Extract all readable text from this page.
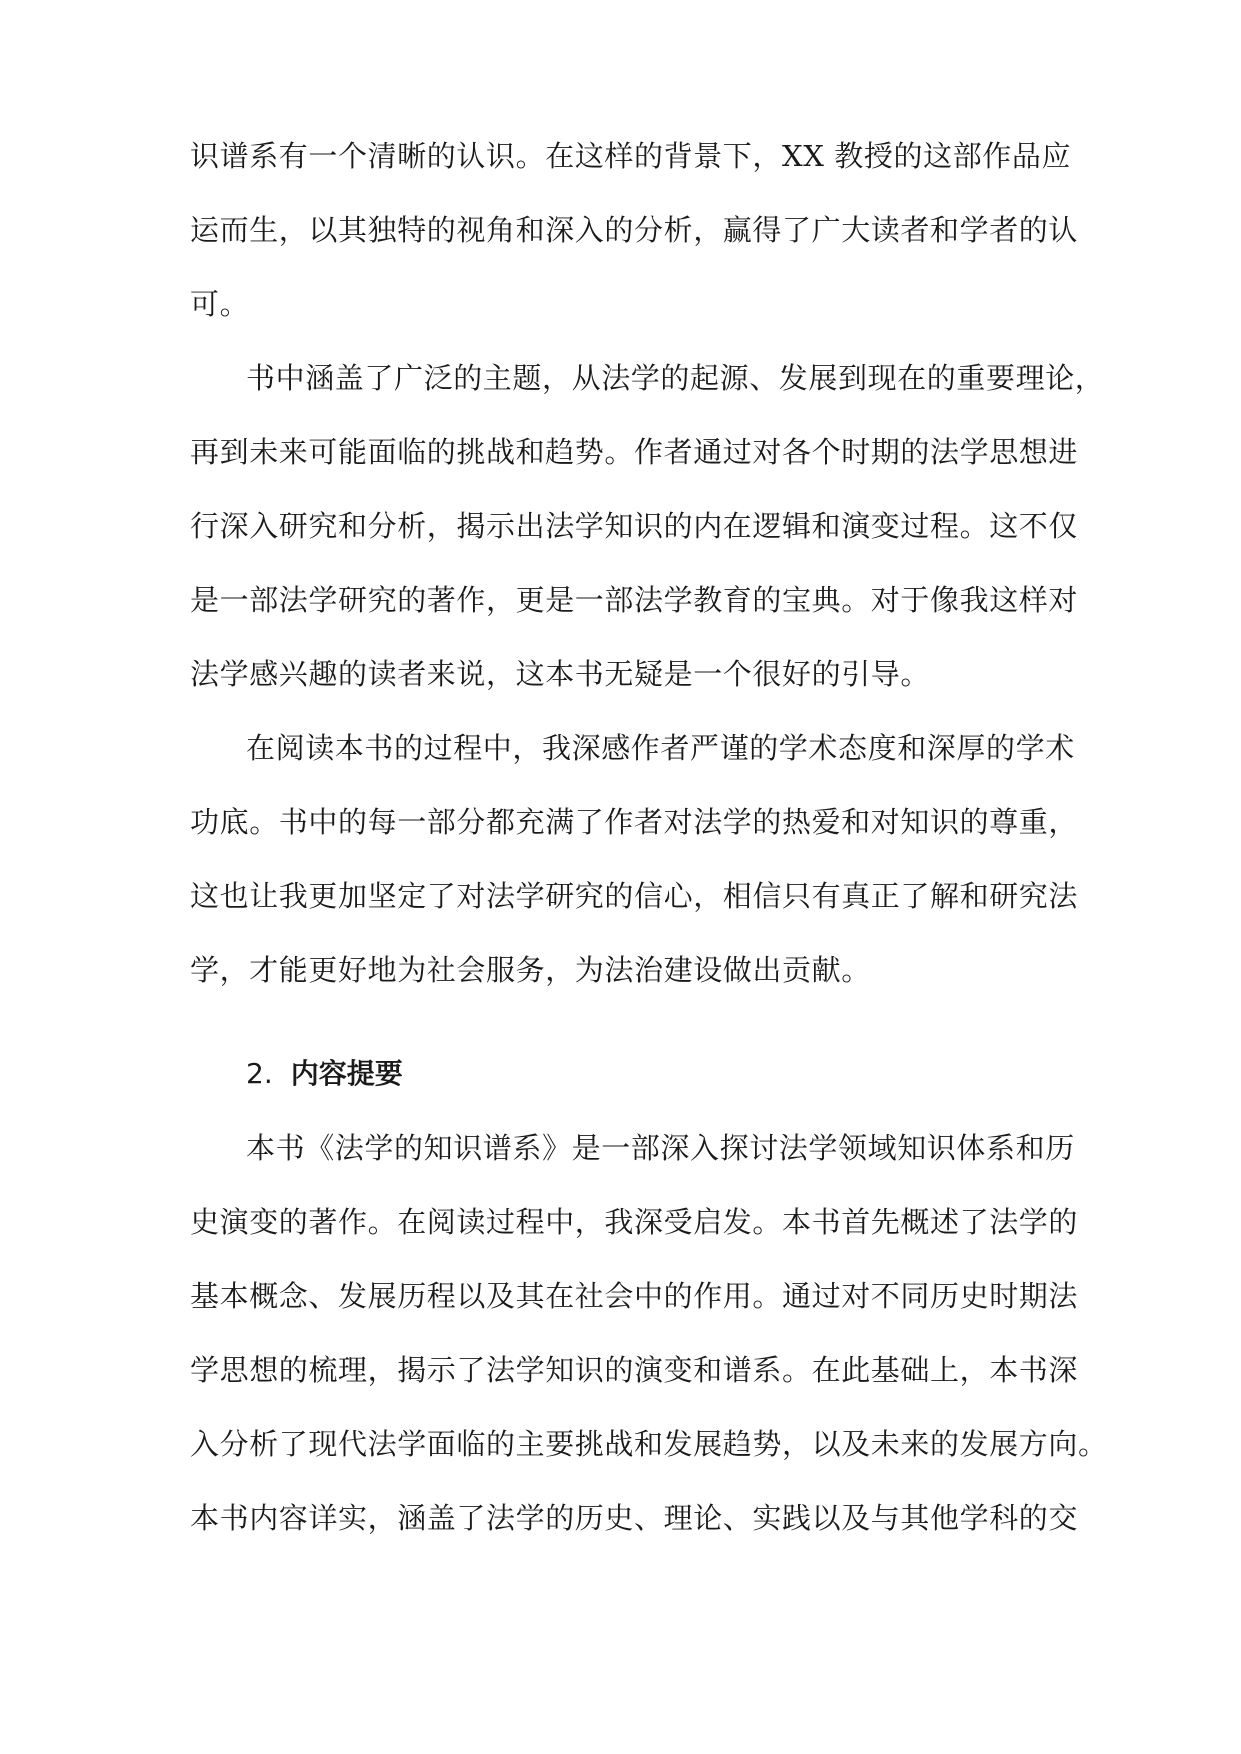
识谱系有一个清晰的认识。在这样的背景下，XX 教授的这部作品应
运而生，以其独特的视角和深入的分析，赢得了广大读者和学者的认
可。
书中涵盖了广泛的主题，从法学的起源、发展到现在的重要理论，
再到未来可能面临的挑战和趋势。作者通过对各个时期的法学思想进
行深入研究和分析，揭示出法学知识的内在逻辑和演变过程。这不仅
是一部法学研究的著作，更是一部法学教育的宝典。对于像我这样对
法学感兴趣的读者来说，这本书无疑是一个很好的引导。
在阅读本书的过程中，我深感作者严谨的学术态度和深厚的学术
功底。书中的每一部分都充满了作者对法学的热爱和对知识的尊重，
这也让我更加坚定了对法学研究的信心，相信只有真正了解和研究法
学，才能更好地为社会服务，为法治建设做出贡献。
2. 内容提要
本书《法学的知识谱系》是一部深入探讨法学领域知识体系和历
史演变的著作。在阅读过程中，我深受启发。本书首先概述了法学的
基本概念、发展历程以及其在社会中的作用。通过对不同历史时期法
学思想的梳理，揭示了法学知识的演变和谱系。在此基础上，本书深
入分析了现代法学面临的主要挑战和发展趋势，以及未来的发展方向。
本书内容详实，涵盖了法学的历史、理论、实践以及与其他学科的交
